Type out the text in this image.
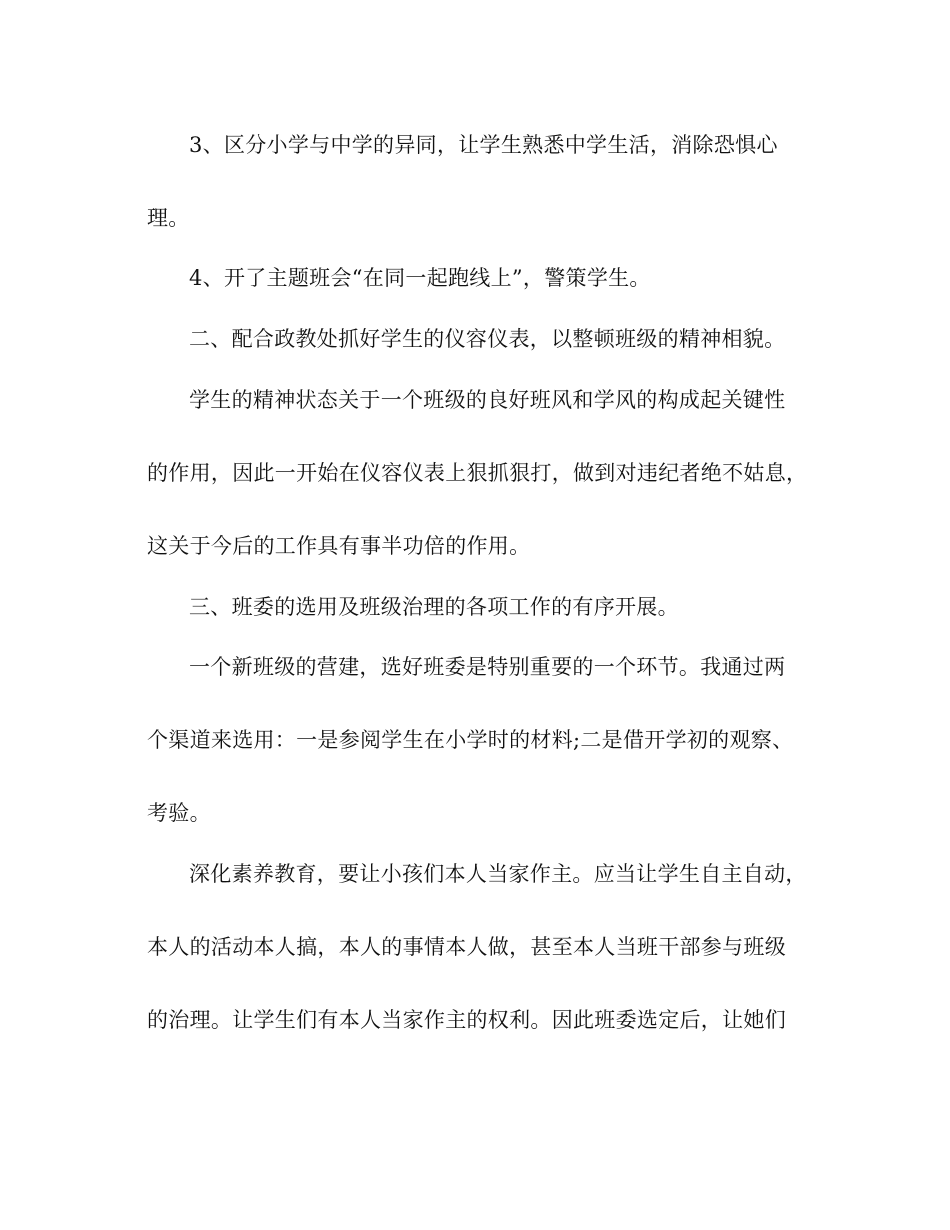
3、区分小学与中学的异同，让学生熟悉中学生活，消除恐惧心
理。
4、开了主题班会“在同一起跑线上”，警策学生。
二、配合政教处抓好学生的仪容仪表，以整顿班级的精神相貌。
学生的精神状态关于一个班级的良好班风和学风的构成起关键性
的作用，因此一开始在仪容仪表上狠抓狠打，做到对违纪者绝不姑息，
这关于今后的工作具有事半功倍的作用。
三、班委的选用及班级治理的各项工作的有序开展。
一个新班级的营建，选好班委是特别重要的一个环节。我通过两
个渠道来选用：一是参阅学生在小学时的材料;二是借开学初的观察、
考验。
深化素养教育，要让小孩们本人当家作主。应当让学生自主自动，
本人的活动本人搞，本人的事情本人做，甚至本人当班干部参与班级
的治理。让学生们有本人当家作主的权利。因此班委选定后，让她们
